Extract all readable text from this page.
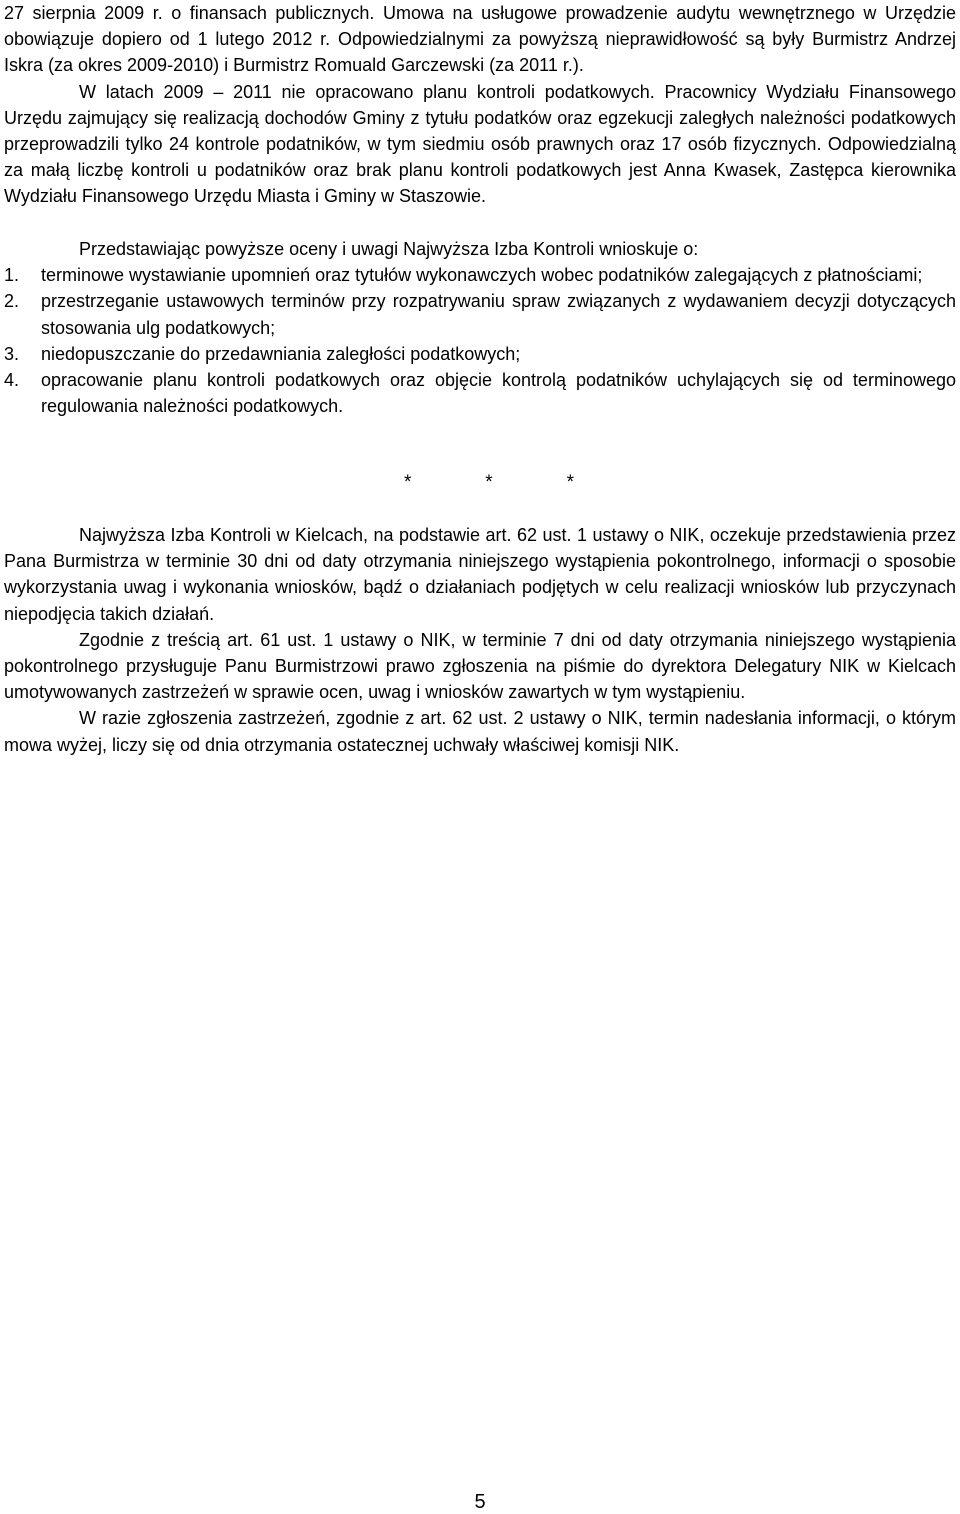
27 sierpnia 2009 r. o finansach publicznych. Umowa na usługowe prowadzenie audytu wewnętrznego w Urzędzie obowiązuje dopiero od 1 lutego 2012 r. Odpowiedzialnymi za powyższą nieprawidłowość są były Burmistrz Andrzej Iskra (za okres 2009-2010) i Burmistrz Romuald Garczewski (za 2011 r.).

W latach 2009 – 2011 nie opracowano planu kontroli podatkowych. Pracownicy Wydziału Finansowego Urzędu zajmujący się realizacją dochodów Gminy z tytułu podatków oraz egzekucji zaległych należności podatkowych przeprowadzili tylko 24 kontrole podatników, w tym siedmiu osób prawnych oraz 17 osób fizycznych. Odpowiedzialną za małą liczbę kontroli u podatników oraz brak planu kontroli podatkowych jest Anna Kwasek, Zastępca kierownika Wydziału Finansowego Urzędu Miasta i Gminy w Staszowie.

Przedstawiając powyższe oceny i uwagi Najwyższa Izba Kontroli wnioskuje o:

1. terminowe wystawianie upomnień oraz tytułów wykonawczych wobec podatników zalegających z płatnościami;
2. przestrzeganie ustawowych terminów przy rozpatrywaniu spraw związanych z wydawaniem decyzji dotyczących stosowania ulg podatkowych;
3. niedopuszczanie do przedawniania zaległości podatkowych;
4. opracowanie planu kontroli podatkowych oraz objęcie kontrolą podatników uchylających się od terminowego regulowania należności podatkowych.
*	*	*

Najwyższa Izba Kontroli w Kielcach, na podstawie art. 62 ust. 1 ustawy o NIK, oczekuje przedstawienia przez Pana Burmistrza w terminie 30 dni od daty otrzymania niniejszego wystąpienia pokontrolnego, informacji o sposobie wykorzystania uwag i wykonania wniosków, bądź o działaniach podjętych w celu realizacji wniosków lub przyczynach niepodjęcia takich działań.

Zgodnie z treścią art. 61 ust. 1 ustawy o NIK, w terminie 7 dni od daty otrzymania niniejszego wystąpienia pokontrolnego przysługuje Panu Burmistrzowi prawo zgłoszenia na piśmie do dyrektora Delegatury NIK w Kielcach umotywowanych zastrzeżeń w sprawie ocen, uwag i wniosków zawartych w tym wystąpieniu.

W razie zgłoszenia zastrzeżeń, zgodnie z art. 62 ust. 2 ustawy o NIK, termin nadesłania informacji, o którym mowa wyżej, liczy się od dnia otrzymania ostatecznej uchwały właściwej komisji NIK.

5
